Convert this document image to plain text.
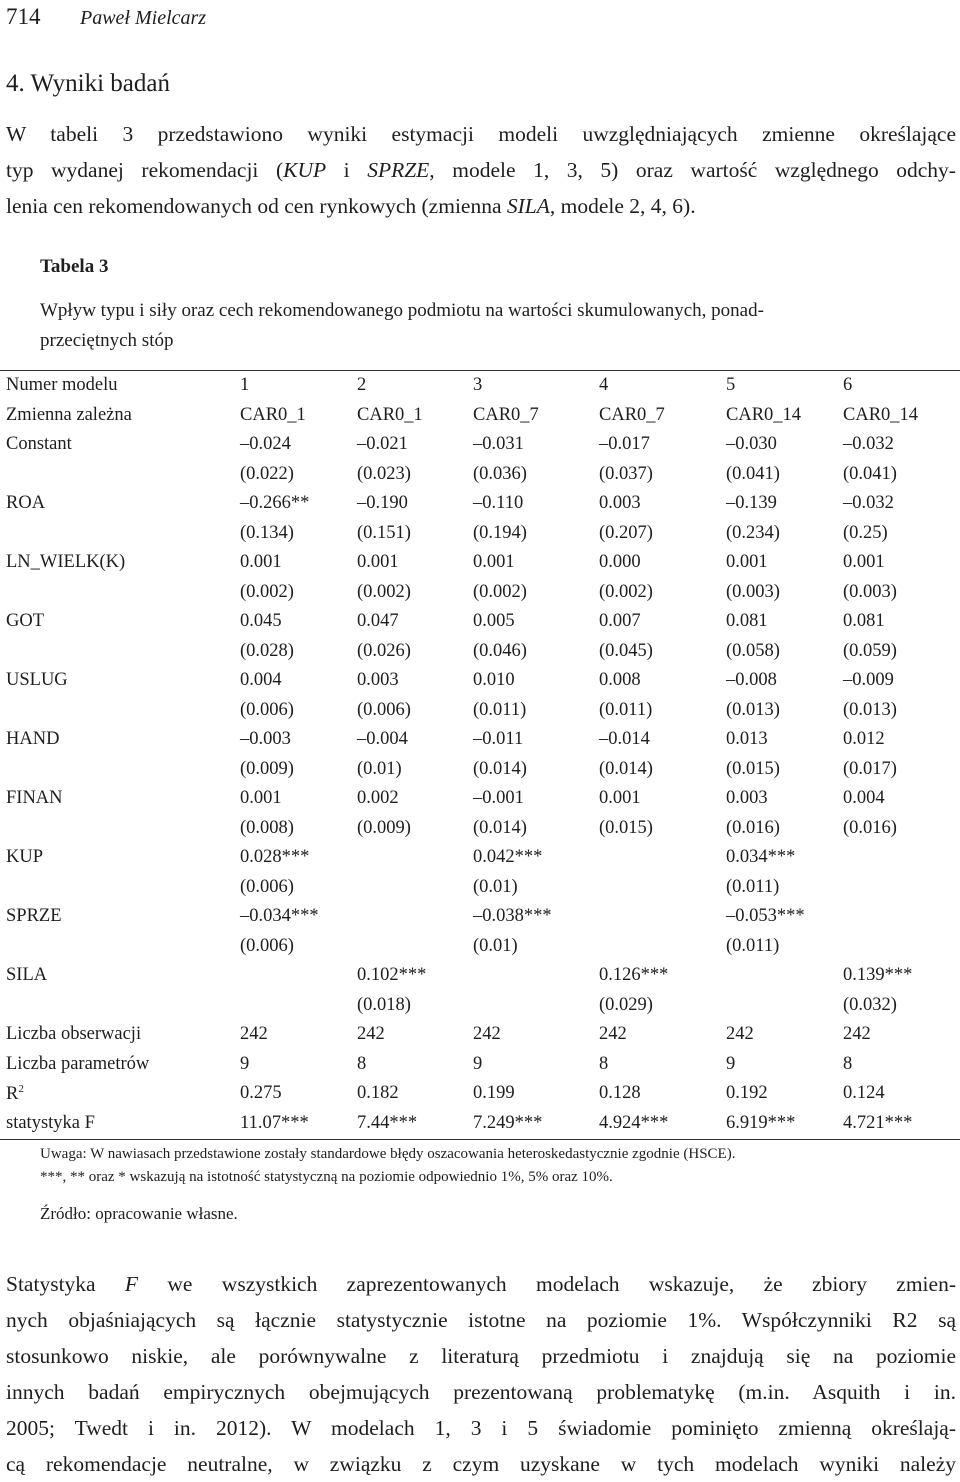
714 Paweł Mielcarz
4. Wyniki badań
W tabeli 3 przedstawiono wyniki estymacji modeli uwzględniających zmienne określające
typ wydanej rekomendacji (KUP i SPRZE, modele 1, 3, 5) oraz wartość względnego odchy-
lenia cen rekomendowanych od cen rynkowych (zmienna SILA, modele 2, 4, 6).
Tabela 3
Wpływ typu i siły oraz cech rekomendowanego podmiotu na wartości skumulowanych, ponad-
przeciętnych stóp
Numer modelu	1	2	3	4	5	6
Zmienna zależna	CAR0_1	CAR0_1	CAR0_7	CAR0_7	CAR0_14	CAR0_14
Constant	–0.024	–0.021	–0.031	–0.017	–0.030	–0.032
	(0.022)	(0.023)	(0.036)	(0.037)	(0.041)	(0.041)
ROA	–0.266**	–0.190	–0.110	0.003	–0.139	–0.032
	(0.134)	(0.151)	(0.194)	(0.207)	(0.234)	(0.25)
LN_WIELK(K)	0.001	0.001	0.001	0.000	0.001	0.001
	(0.002)	(0.002)	(0.002)	(0.002)	(0.003)	(0.003)
GOT	0.045	0.047	0.005	0.007	0.081	0.081
	(0.028)	(0.026)	(0.046)	(0.045)	(0.058)	(0.059)
USLUG	0.004	0.003	0.010	0.008	–0.008	–0.009
	(0.006)	(0.006)	(0.011)	(0.011)	(0.013)	(0.013)
HAND	–0.003	–0.004	–0.011	–0.014	0.013	0.012
	(0.009)	(0.01)	(0.014)	(0.014)	(0.015)	(0.017)
FINAN	0.001	0.002	–0.001	0.001	0.003	0.004
	(0.008)	(0.009)	(0.014)	(0.015)	(0.016)	(0.016)
KUP	0.028***		0.042***		0.034***	
	(0.006)		(0.01)		(0.011)	
SPRZE	–0.034***		–0.038***		–0.053***	
	(0.006)		(0.01)		(0.011)	
SILA		0.102***		0.126***		0.139***
		(0.018)		(0.029)		(0.032)
Liczba obserwacji	242	242	242	242	242	242
Liczba parametrów	9	8	9	8	9	8
$R^2$	0.275	0.182	0.199	0.128	0.192	0.124
statystyka F	11.07***	7.44***	7.249***	4.924***	6.919***	4.721***
Uwaga: W nawiasach przedstawione zostały standardowe błędy oszacowania heteroskedastycznie zgodnie (HSCE).
***, ** oraz * wskazują na istotność statystyczną na poziomie odpowiednio 1%, 5% oraz 10%.
Źródło: opracowanie własne.
Statystyka F we wszystkich zaprezentowanych modelach wskazuje, że zbiory zmien-
nych objaśniających są łącznie statystycznie istotne na poziomie 1%. Współczynniki R2 są
stosunkowo niskie, ale porównywalne z literaturą przedmiotu i znajdują się na poziomie
innych badań empirycznych obejmujących prezentowaną problematykę (m.in. Asquith i in.
2005; Twedt i in. 2012). W modelach 1, 3 i 5 świadomie pominięto zmienną określają-
cą rekomendacje neutralne, w związku z czym uzyskane w tych modelach wyniki należy
